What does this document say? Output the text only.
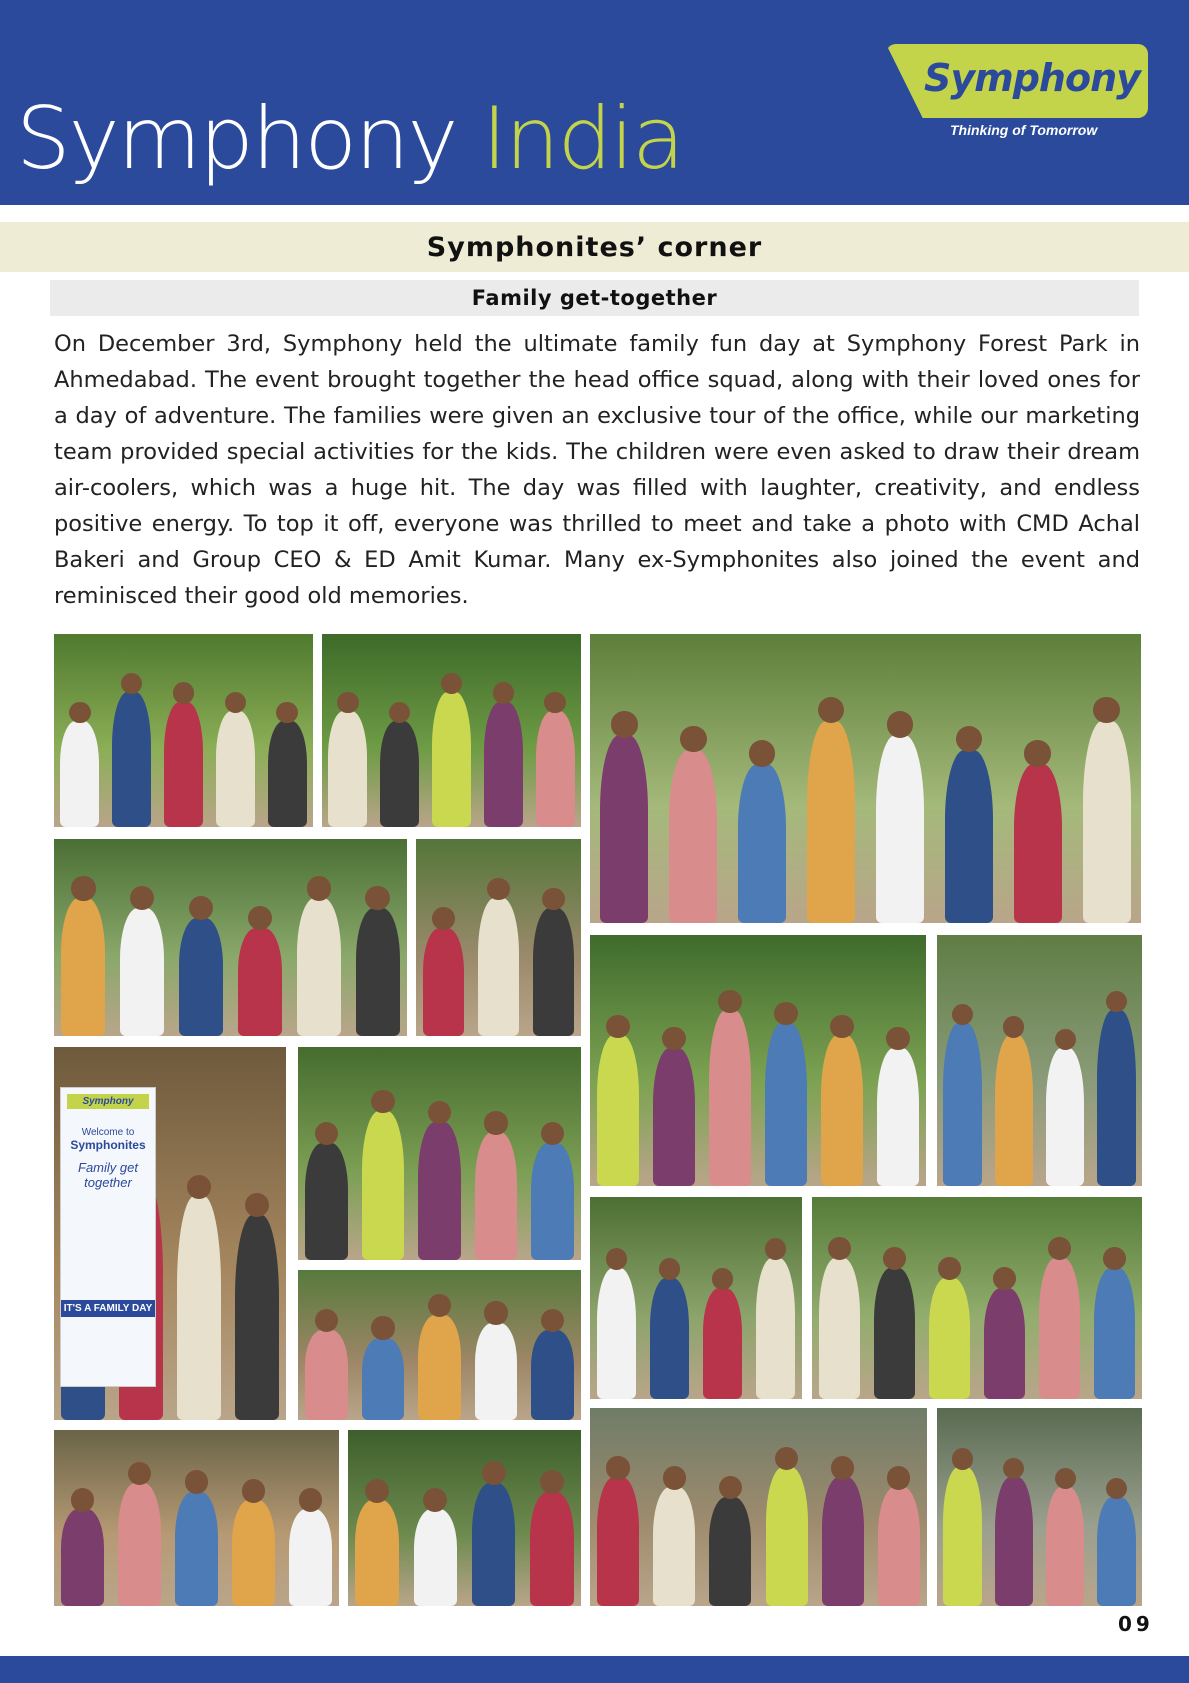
Symphony India
Symphony
Thinking of Tomorrow
Symphonites’ corner
Family get-together

On December 3rd, Symphony held the ultimate family fun day at Symphony Forest Park in Ahmedabad. The event brought together the head office squad, along with their loved ones for a day of adventure. The families were given an exclusive tour of the office, while our marketing team provided special activities for the kids. The children were even asked to draw their dream air-coolers, which was a huge hit. The day was filled with laughter, creativity, and endless positive energy. To top it off, everyone was thrilled to meet and take a photo with CMD Achal Bakeri and Group CEO & ED Amit Kumar. Many ex-Symphonites also joined the event and reminisced their good old memories.

Symphony
Welcome to
Symphonites
Family get together
IT'S A FAMILY DAY
09
